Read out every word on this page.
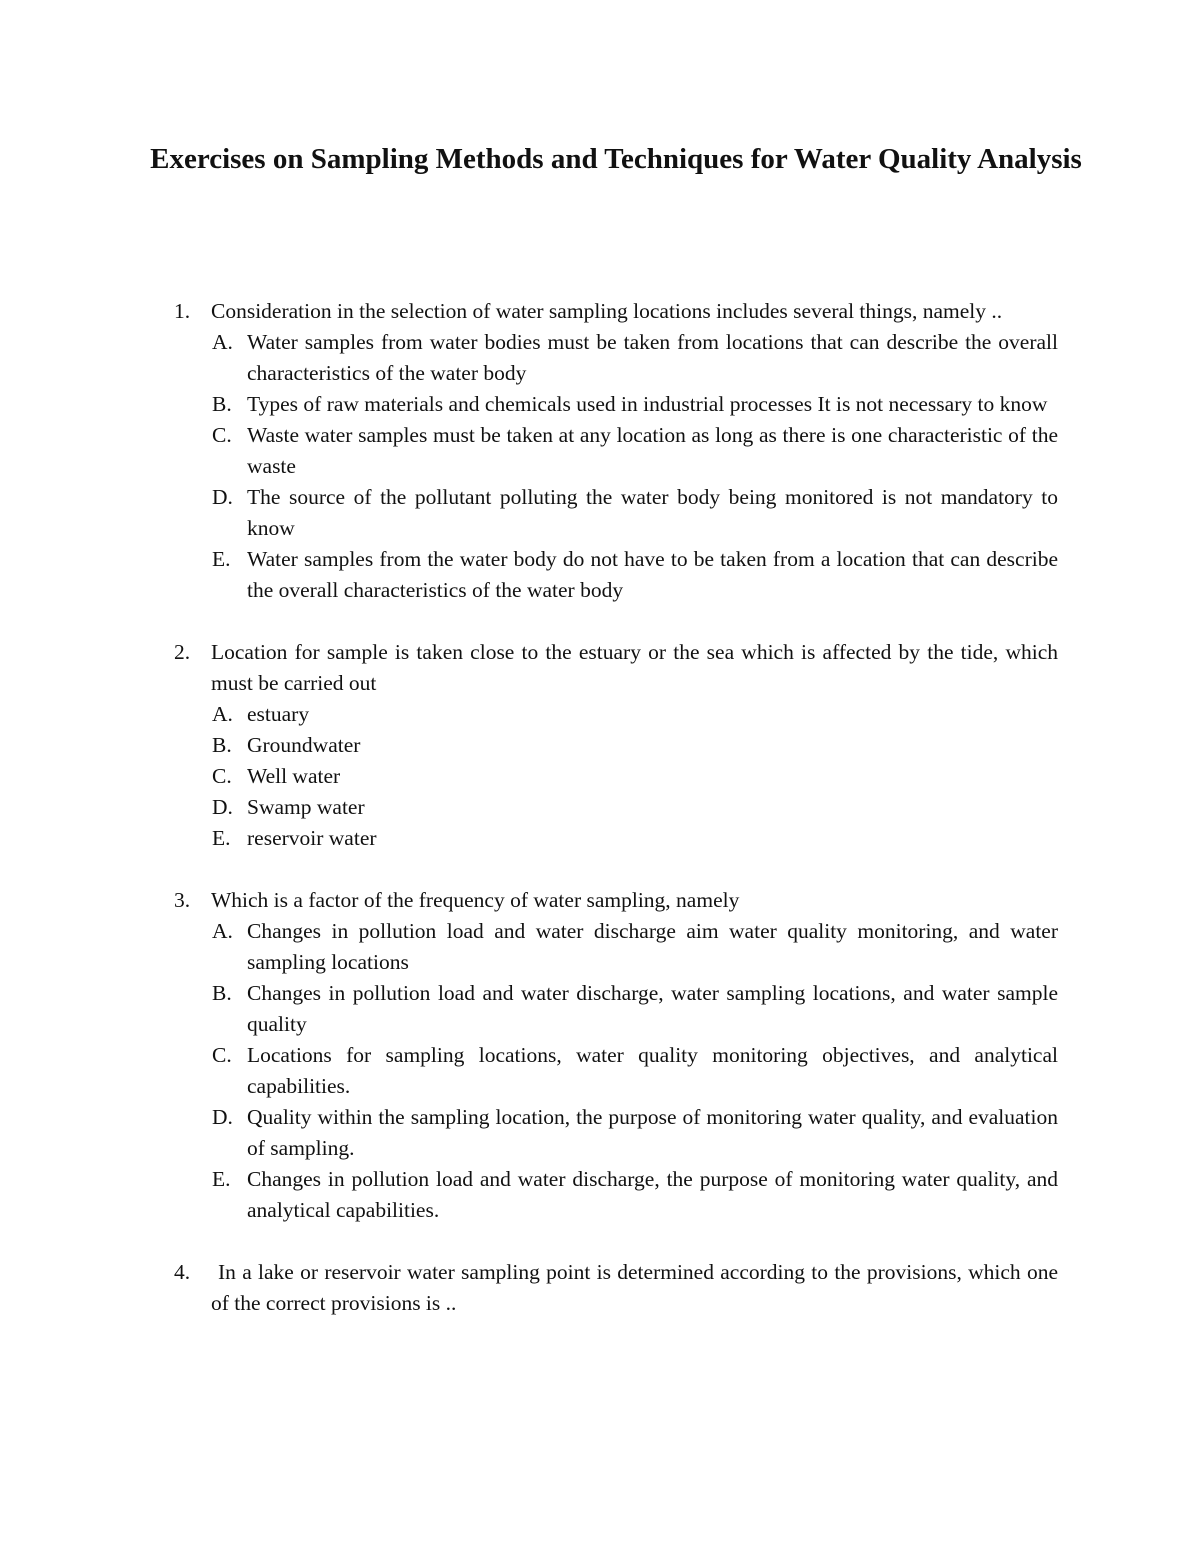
Exercises on Sampling Methods and Techniques for Water Quality Analysis
1. Consideration in the selection of water sampling locations includes several things, namely ..
A. Water samples from water bodies must be taken from locations that can describe the overall characteristics of the water body
B. Types of raw materials and chemicals used in industrial processes It is not necessary to know
C. Waste water samples must be taken at any location as long as there is one characteristic of the waste
D. The source of the pollutant polluting the water body being monitored is not mandatory to know
E. Water samples from the water body do not have to be taken from a location that can describe the overall characteristics of the water body
2. Location for sample is taken close to the estuary or the sea which is affected by the tide, which must be carried out
A. estuary
B. Groundwater
C. Well water
D. Swamp water
E. reservoir water
3. Which is a factor of the frequency of water sampling, namely
A. Changes in pollution load and water discharge aim water quality monitoring, and water sampling locations
B. Changes in pollution load and water discharge, water sampling locations, and water sample quality
C. Locations for sampling locations, water quality monitoring objectives, and analytical capabilities.
D. Quality within the sampling location, the purpose of monitoring water quality, and evaluation of sampling.
E. Changes in pollution load and water discharge, the purpose of monitoring water quality, and analytical capabilities.
4.	In a lake or reservoir water sampling point is determined according to the provisions, which one of the correct provisions is ..
